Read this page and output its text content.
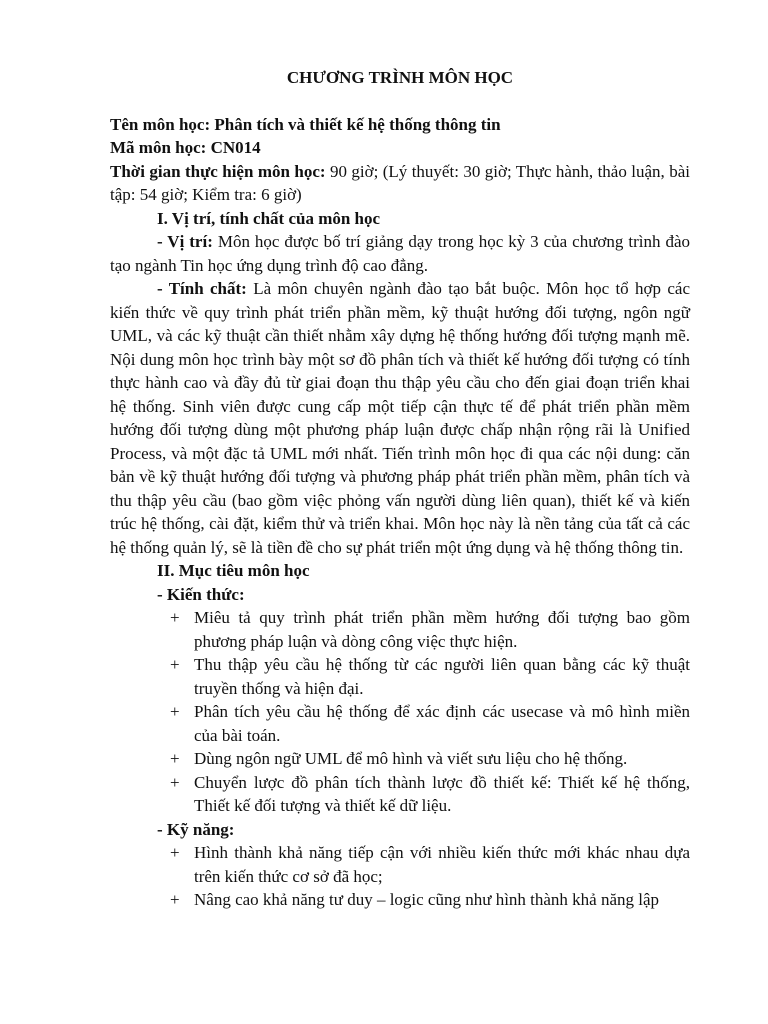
CHƯƠNG TRÌNH MÔN HỌC

Tên môn học: Phân tích và thiết kế hệ thống thông tin

Mã môn học: CN014

Thời gian thực hiện môn học: 90 giờ; (Lý thuyết: 30 giờ; Thực hành, thảo luận, bài tập: 54 giờ; Kiểm tra: 6 giờ)

I. Vị trí, tính chất của môn học

- Vị trí: Môn học được bố trí giảng dạy trong học kỳ 3 của chương trình đào tạo ngành Tin học ứng dụng trình độ cao đẳng.

- Tính chất: Là môn chuyên ngành đào tạo bắt buộc. Môn học tổ hợp các kiến thức về quy trình phát triển phần mềm, kỹ thuật hướng đối tượng, ngôn ngữ UML, và các kỹ thuật cần thiết nhằm xây dựng hệ thống hướng đối tượng mạnh mẽ. Nội dung môn học trình bày một sơ đồ phân tích và thiết kế hướng đối tượng có tính thực hành cao và đầy đủ từ giai đoạn thu thập yêu cầu cho đến giai đoạn triển khai hệ thống. Sinh viên được cung cấp một tiếp cận thực tế để phát triển phần mềm hướng đối tượng dùng một phương pháp luận được chấp nhận rộng rãi là Unified Process, và một đặc tả UML mới nhất. Tiến trình môn học đi qua các nội dung: căn bản về kỹ thuật hướng đối tượng và phương pháp phát triển phần mềm, phân tích và thu thập yêu cầu (bao gồm việc phỏng vấn người dùng liên quan), thiết kế và kiến trúc hệ thống, cài đặt, kiểm thử và triển khai. Môn học này là nền tảng của tất cả các hệ thống quản lý, sẽ là tiền đề cho sự phát triển một ứng dụng và hệ thống thông tin.

II. Mục tiêu môn học

- Kiến thức:

+ Miêu tả quy trình phát triển phần mềm hướng đối tượng bao gồm phương pháp luận và dòng công việc thực hiện.
+ Thu thập yêu cầu hệ thống từ các người liên quan bằng các kỹ thuật truyền thống và hiện đại.
+ Phân tích yêu cầu hệ thống để xác định các usecase và mô hình miền của bài toán.
+ Dùng ngôn ngữ UML để mô hình và viết sưu liệu cho hệ thống.
+ Chuyển lược đồ phân tích thành lược đồ thiết kế: Thiết kế hệ thống, Thiết kế đối tượng và thiết kế dữ liệu.

- Kỹ năng:

+ Hình thành khả năng tiếp cận với nhiều kiến thức mới khác nhau dựa trên kiến thức cơ sở đã học;
+ Nâng cao khả năng tư duy – logic cũng như hình thành khả năng lập
